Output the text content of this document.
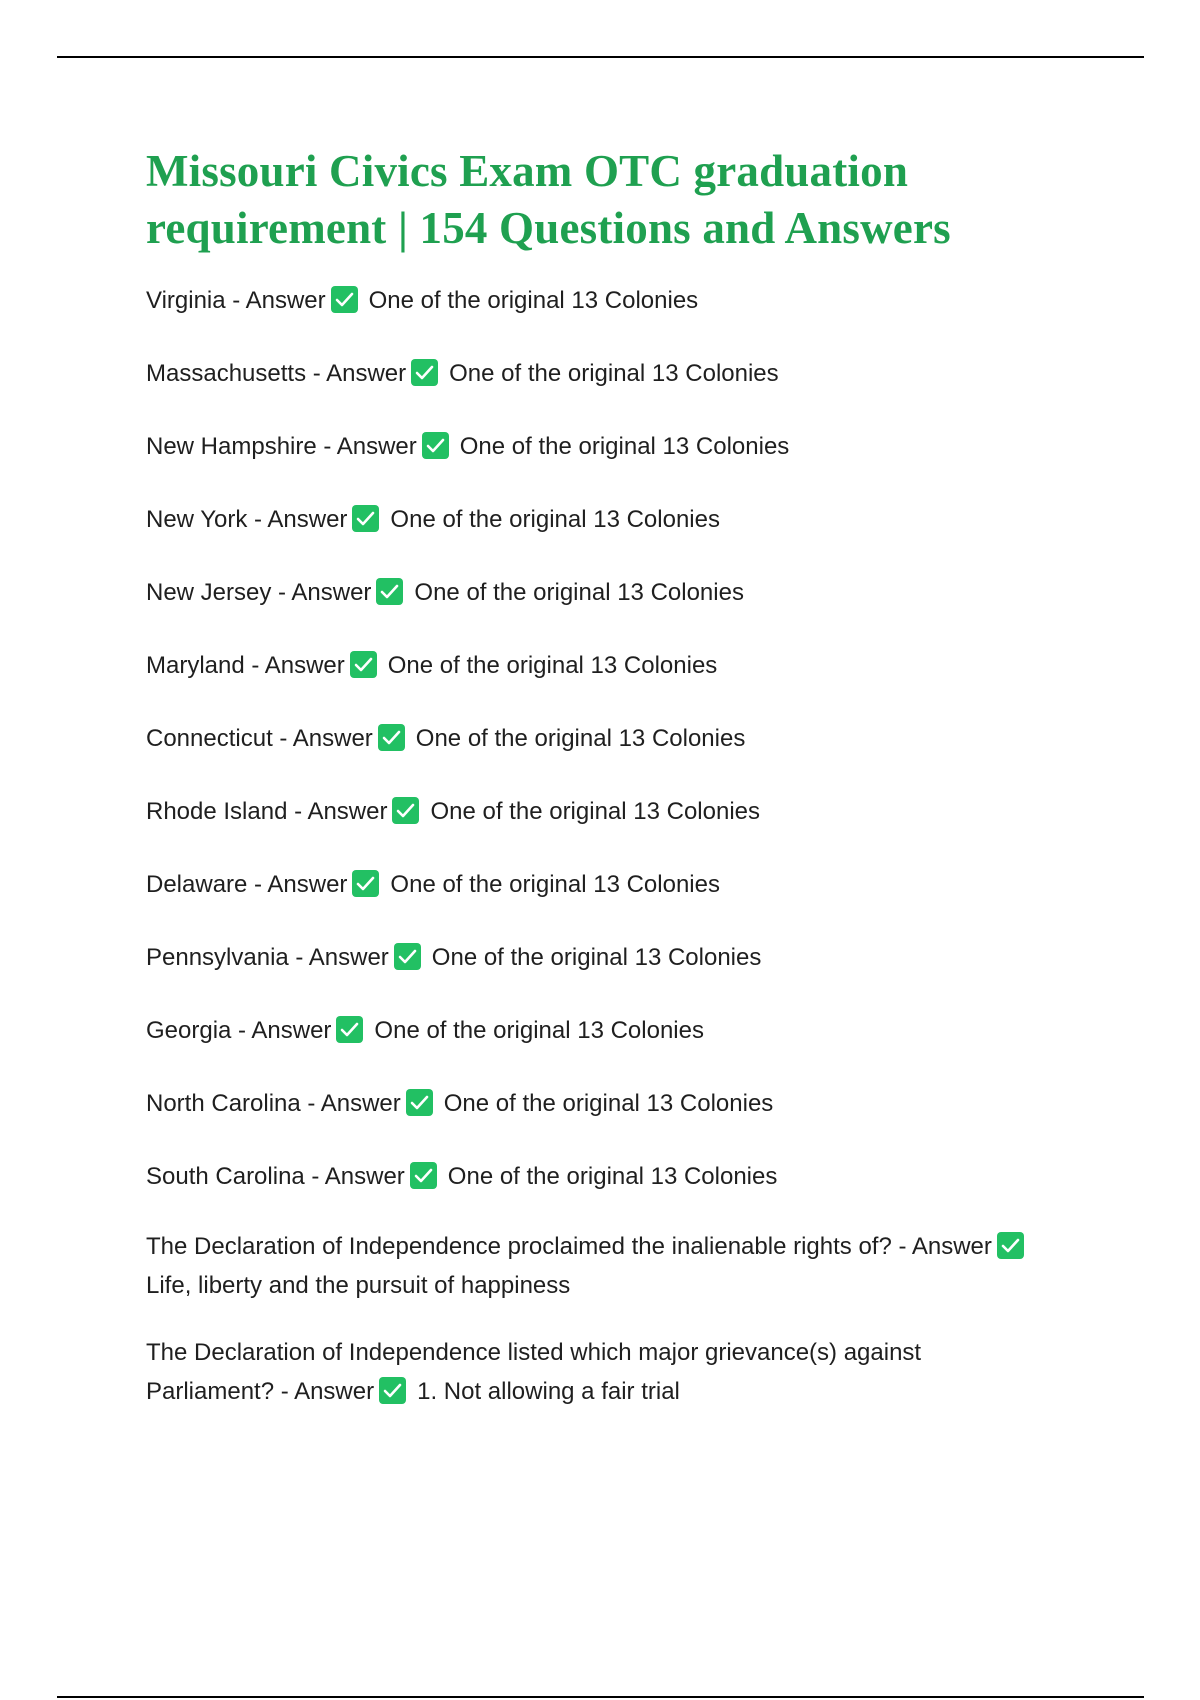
Missouri Civics Exam OTC graduation
requirement | 154 Questions and Answers
Virginia - Answer One of the original 13 Colonies
Massachusetts - Answer One of the original 13 Colonies
New Hampshire - Answer One of the original 13 Colonies
New York - Answer One of the original 13 Colonies
New Jersey - Answer One of the original 13 Colonies
Maryland - Answer One of the original 13 Colonies
Connecticut - Answer One of the original 13 Colonies
Rhode Island - Answer One of the original 13 Colonies
Delaware - Answer One of the original 13 Colonies
Pennsylvania - Answer One of the original 13 Colonies
Georgia - Answer One of the original 13 Colonies
North Carolina - Answer One of the original 13 Colonies
South Carolina - Answer One of the original 13 Colonies
The Declaration of Independence proclaimed the inalienable rights of? - Answer
Life, liberty and the pursuit of happiness
The Declaration of Independence listed which major grievance(s) against Parliament? - Answer 1. Not allowing a fair trial
